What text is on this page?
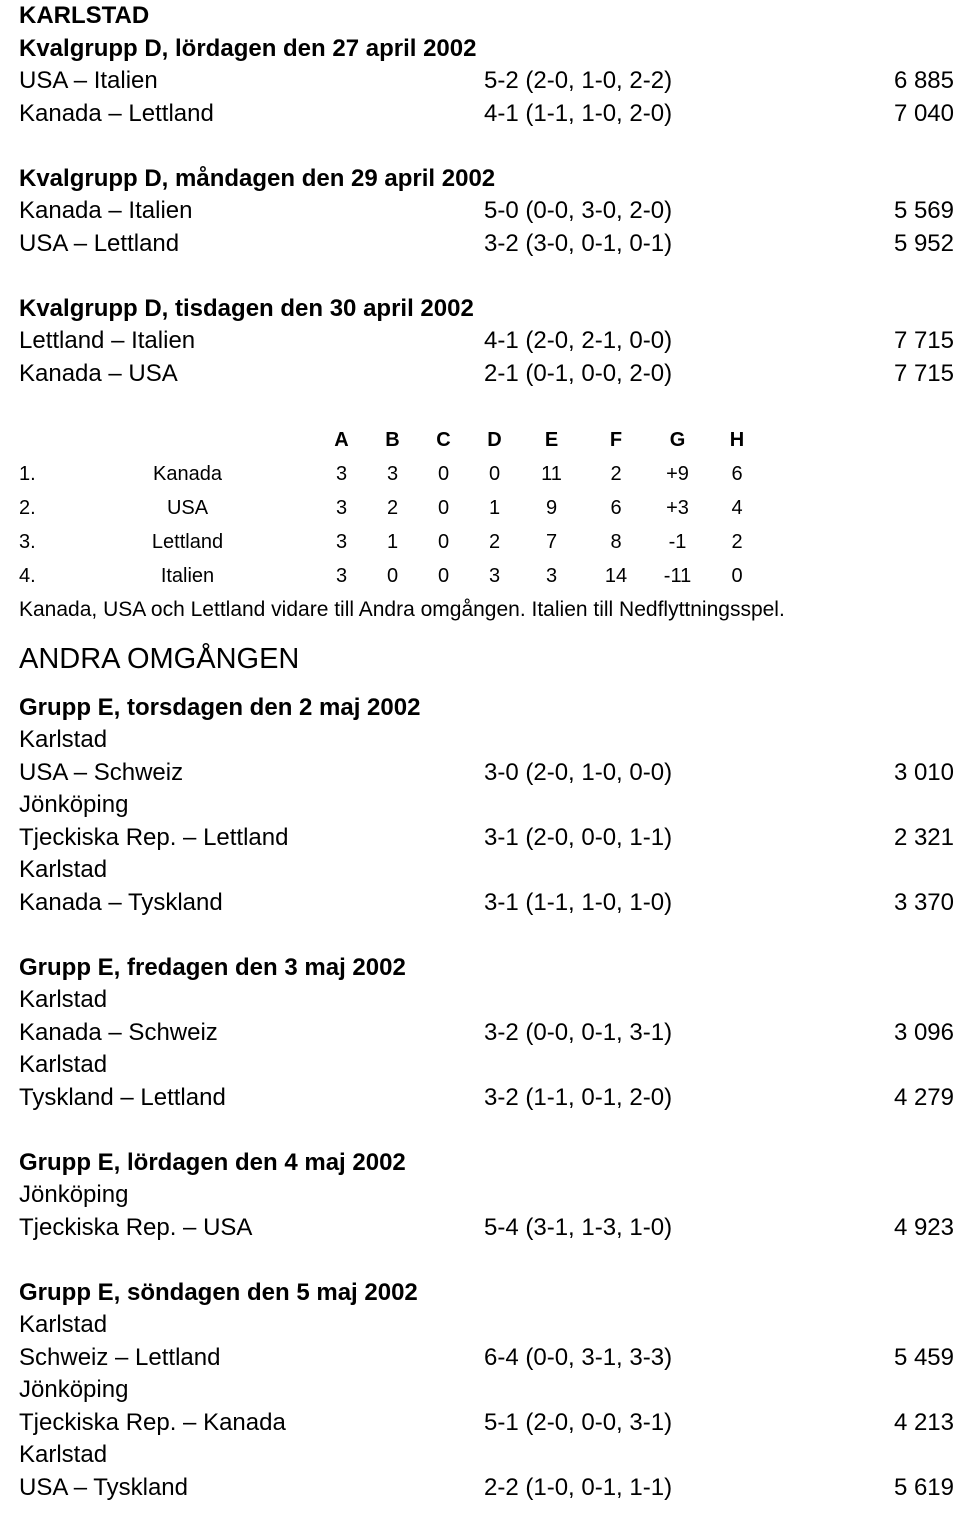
KARLSTAD
Kvalgrupp D, lördagen den 27 april 2002
USA – Italien	5-2 (2-0, 1-0, 2-2)	6 885
Kanada – Lettland	4-1 (1-1, 1-0, 2-0)	7 040
Kvalgrupp D, måndagen den 29 april 2002
Kanada – Italien	5-0 (0-0, 3-0, 2-0)	5 569
USA – Lettland	3-2 (3-0, 0-1, 0-1)	5 952
Kvalgrupp D, tisdagen den 30 april 2002
Lettland – Italien	4-1 (2-0, 2-1, 0-0)	7 715
Kanada – USA	2-1 (0-1, 0-0, 2-0)	7 715
		A	B	C	D	E	F	G	H
1.	Kanada	3	3	0	0	11	2	+9	6
2.	USA	3	2	0	1	9	6	+3	4
3.	Lettland	3	1	0	2	7	8	-1	2
4.	Italien	3	0	0	3	3	14	-11	0
Kanada, USA och Lettland vidare till Andra omgången. Italien till Nedflyttningsspel.
ANDRA OMGÅNGEN
Grupp E, torsdagen den 2 maj 2002
Karlstad
USA – Schweiz	3-0 (2-0, 1-0, 0-0)	3 010
Jönköping
Tjeckiska Rep. – Lettland	3-1 (2-0, 0-0, 1-1)	2 321
Karlstad
Kanada – Tyskland	3-1 (1-1, 1-0, 1-0)	3 370
Grupp E, fredagen den 3 maj 2002
Karlstad
Kanada – Schweiz	3-2 (0-0, 0-1, 3-1)	3 096
Karlstad
Tyskland – Lettland	3-2 (1-1, 0-1, 2-0)	4 279
Grupp E, lördagen den 4 maj 2002
Jönköping
Tjeckiska Rep. – USA	5-4 (3-1, 1-3, 1-0)	4 923
Grupp E, söndagen den 5 maj 2002
Karlstad
Schweiz – Lettland	6-4 (0-0, 3-1, 3-3)	5 459
Jönköping
Tjeckiska Rep. – Kanada	5-1 (2-0, 0-0, 3-1)	4 213
Karlstad
USA – Tyskland	2-2 (1-0, 0-1, 1-1)	5 619
